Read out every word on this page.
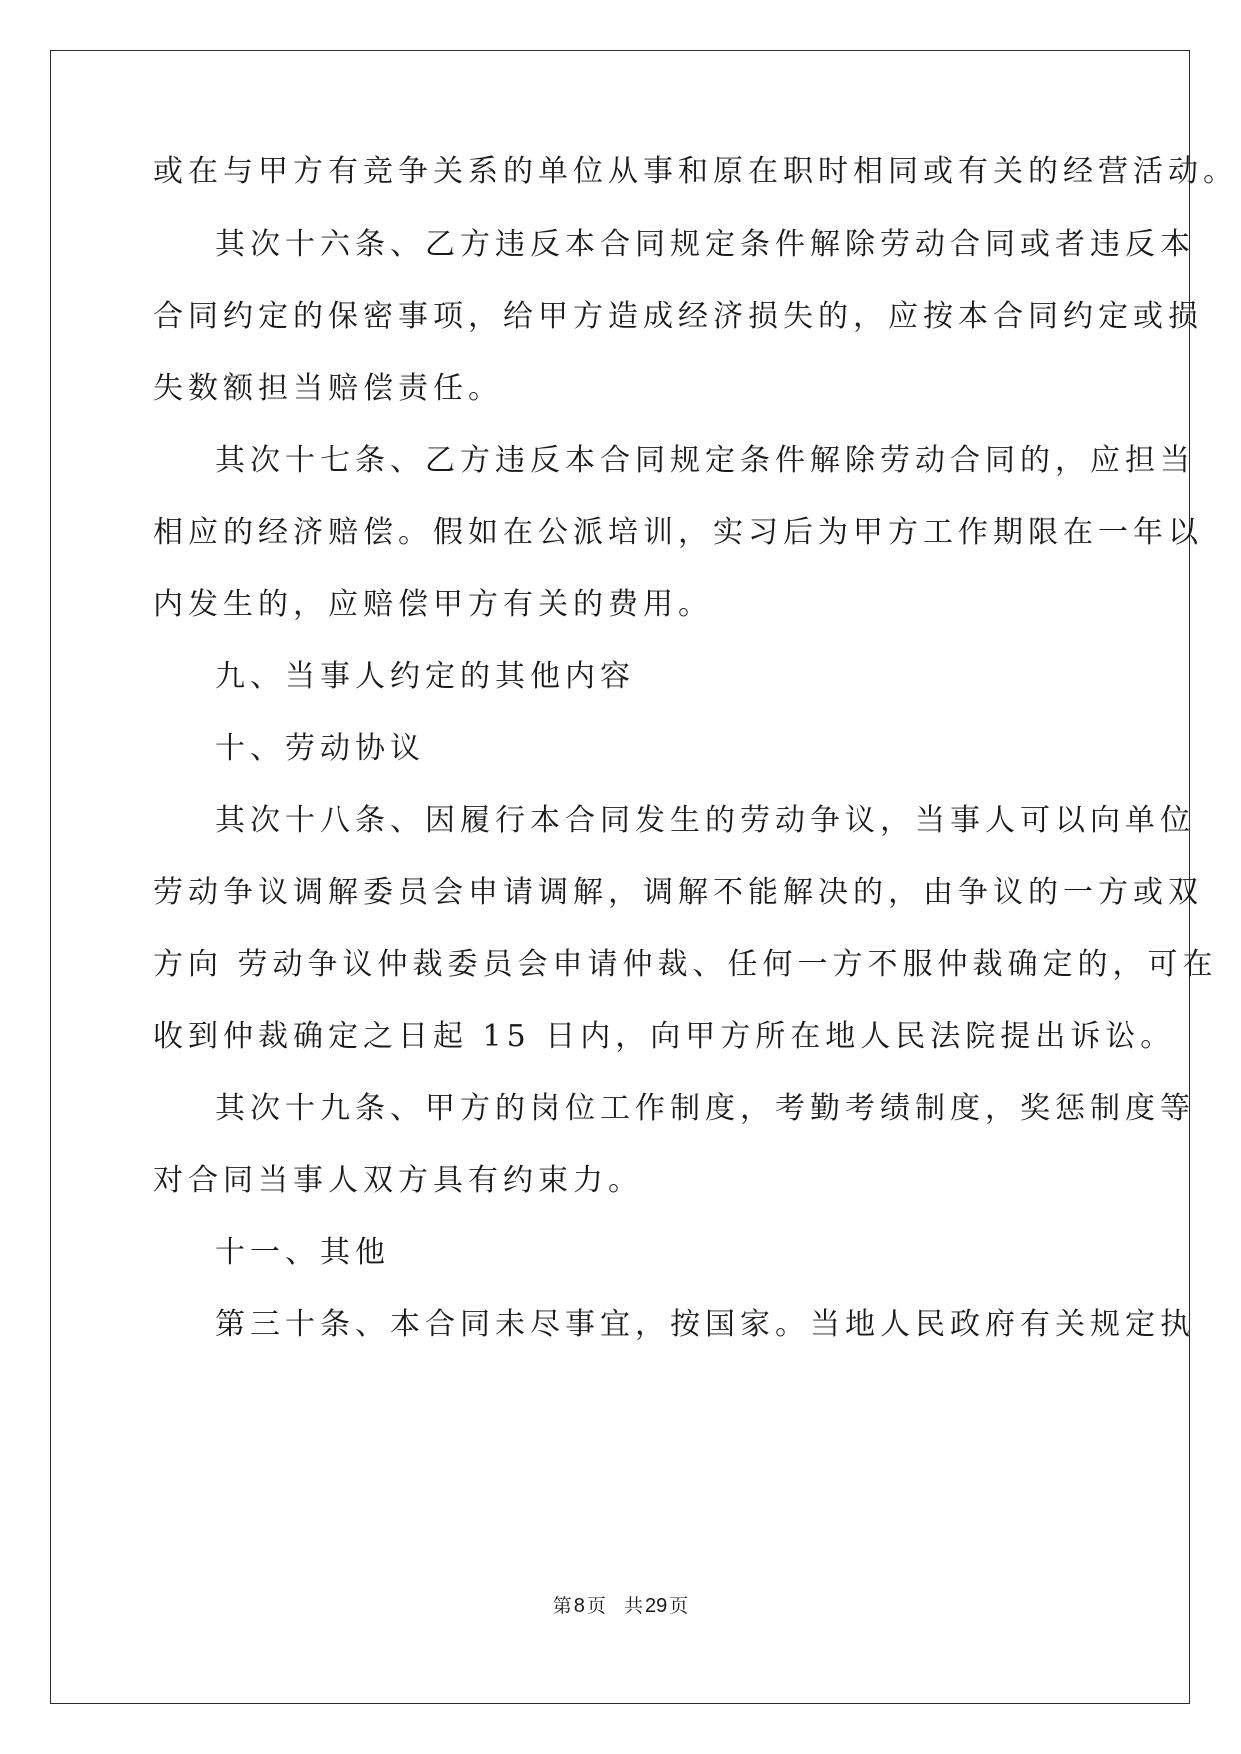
或在与甲方有竞争关系的单位从事和原在职时相同或有关的经营活动。
其次十六条、乙方违反本合同规定条件解除劳动合同或者违反本
合同约定的保密事项，给甲方造成经济损失的，应按本合同约定或损
失数额担当赔偿责任。
其次十七条、乙方违反本合同规定条件解除劳动合同的，应担当
相应的经济赔偿。假如在公派培训，实习后为甲方工作期限在一年以
内发生的，应赔偿甲方有关的费用。
九、当事人约定的其他内容
十、劳动协议
其次十八条、因履行本合同发生的劳动争议，当事人可以向单位
劳动争议调解委员会申请调解，调解不能解决的，由争议的一方或双
方向 劳动争议仲裁委员会申请仲裁、任何一方不服仲裁确定的，可在
收到仲裁确定之日起 15 日内，向甲方所在地人民法院提出诉讼。
其次十九条、甲方的岗位工作制度，考勤考绩制度，奖惩制度等
对合同当事人双方具有约束力。
十一、其他
第三十条、本合同未尽事宜，按国家。当地人民政府有关规定执
第 8 页 共 29 页
